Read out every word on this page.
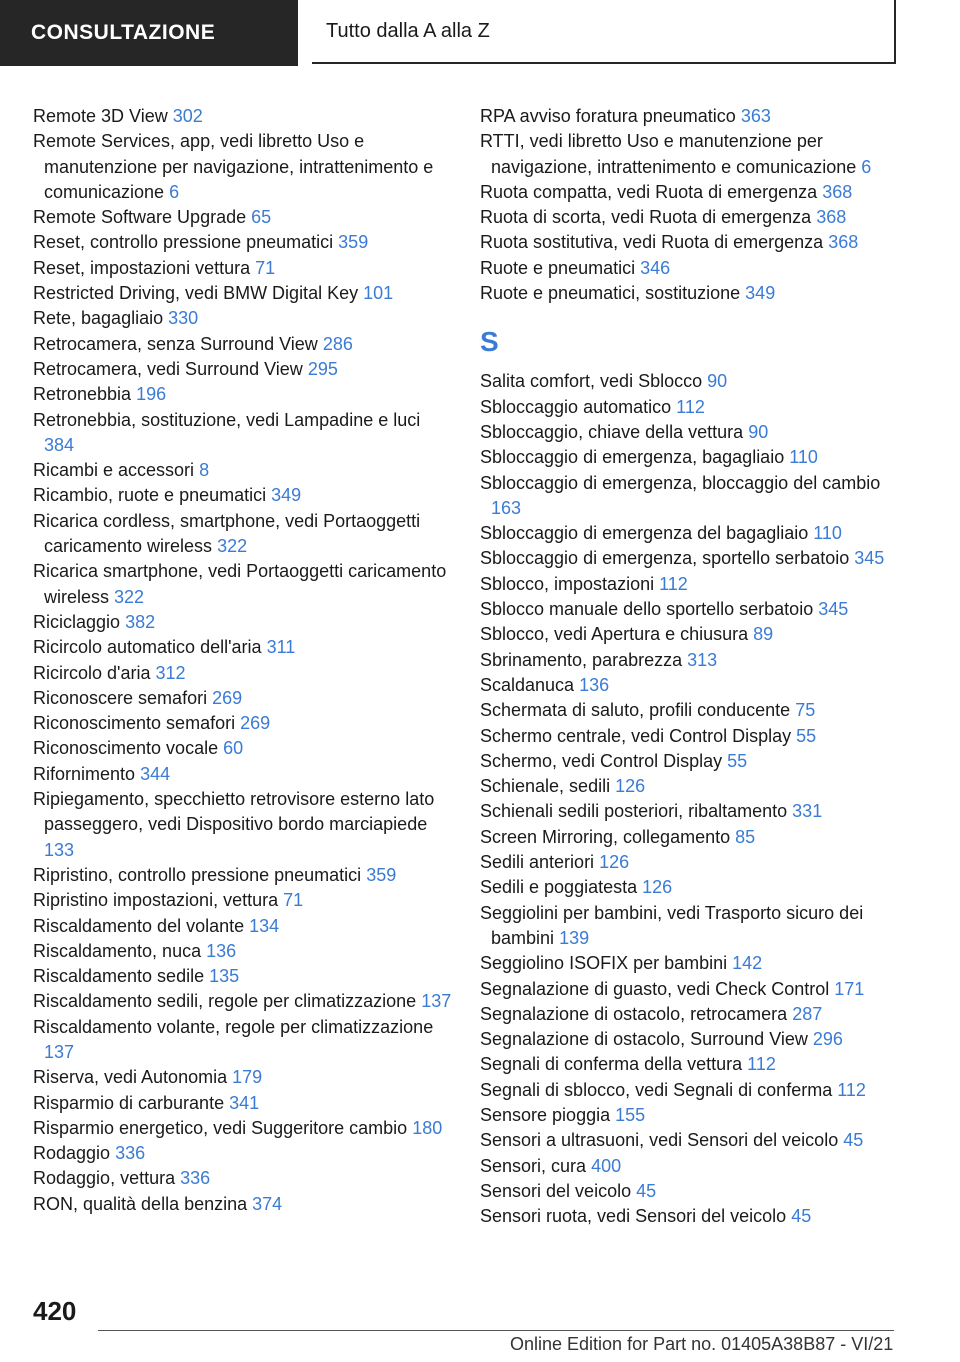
CONSULTAZIONE	Tutto dalla A alla Z
Remote 3D View 302
Remote Services, app, vedi libretto Uso e manutenzione per navigazione, intrattenimento e comunicazione 6
Remote Software Upgrade 65
Reset, controllo pressione pneumatici 359
Reset, impostazioni vettura 71
Restricted Driving, vedi BMW Digital Key 101
Rete, bagagliaio 330
Retrocamera, senza Surround View 286
Retrocamera, vedi Surround View 295
Retronebbia 196
Retronebbia, sostituzione, vedi Lampadine e luci 384
Ricambi e accessori 8
Ricambio, ruote e pneumatici 349
Ricarica cordless, smartphone, vedi Portaoggetti caricamento wireless 322
Ricarica smartphone, vedi Portaoggetti caricamento wireless 322
Riciclaggio 382
Ricircolo automatico dell'aria 311
Ricircolo d'aria 312
Riconoscere semafori 269
Riconoscimento semafori 269
Riconoscimento vocale 60
Rifornimento 344
Ripiegamento, specchietto retrovisore esterno lato passeggero, vedi Dispositivo bordo marciapiede 133
Ripristino, controllo pressione pneumatici 359
Ripristino impostazioni, vettura 71
Riscaldamento del volante 134
Riscaldamento, nuca 136
Riscaldamento sedile 135
Riscaldamento sedili, regole per climatizzazione 137
Riscaldamento volante, regole per climatizzazione 137
Riserva, vedi Autonomia 179
Risparmio di carburante 341
Risparmio energetico, vedi Suggeritore cambio 180
Rodaggio 336
Rodaggio, vettura 336
RON, qualità della benzina 374
RPA avviso foratura pneumatico 363
RTTI, vedi libretto Uso e manutenzione per navigazione, intrattenimento e comunicazione 6
Ruota compatta, vedi Ruota di emergenza 368
Ruota di scorta, vedi Ruota di emergenza 368
Ruota sostitutiva, vedi Ruota di emergenza 368
Ruote e pneumatici 346
Ruote e pneumatici, sostituzione 349
S
Salita comfort, vedi Sblocco 90
Sbloccaggio automatico 112
Sbloccaggio, chiave della vettura 90
Sbloccaggio di emergenza, bagagliaio 110
Sbloccaggio di emergenza, bloccaggio del cambio 163
Sbloccaggio di emergenza del bagagliaio 110
Sbloccaggio di emergenza, sportello serbatoio 345
Sblocco, impostazioni 112
Sblocco manuale dello sportello serbatoio 345
Sblocco, vedi Apertura e chiusura 89
Sbrinamento, parabrezza 313
Scaldanuca 136
Schermata di saluto, profili conducente 75
Schermo centrale, vedi Control Display 55
Schermo, vedi Control Display 55
Schienale, sedili 126
Schienali sedili posteriori, ribaltamento 331
Screen Mirroring, collegamento 85
Sedili anteriori 126
Sedili e poggiatesta 126
Seggiolini per bambini, vedi Trasporto sicuro dei bambini 139
Seggiolino ISOFIX per bambini 142
Segnalazione di guasto, vedi Check Control 171
Segnalazione di ostacolo, retrocamera 287
Segnalazione di ostacolo, Surround View 296
Segnali di conferma della vettura 112
Segnali di sblocco, vedi Segnali di conferma 112
Sensore pioggia 155
Sensori a ultrasuoni, vedi Sensori del veicolo 45
Sensori, cura 400
Sensori del veicolo 45
Sensori ruota, vedi Sensori del veicolo 45
420
Online Edition for Part no. 01405A38B87 - VI/21
